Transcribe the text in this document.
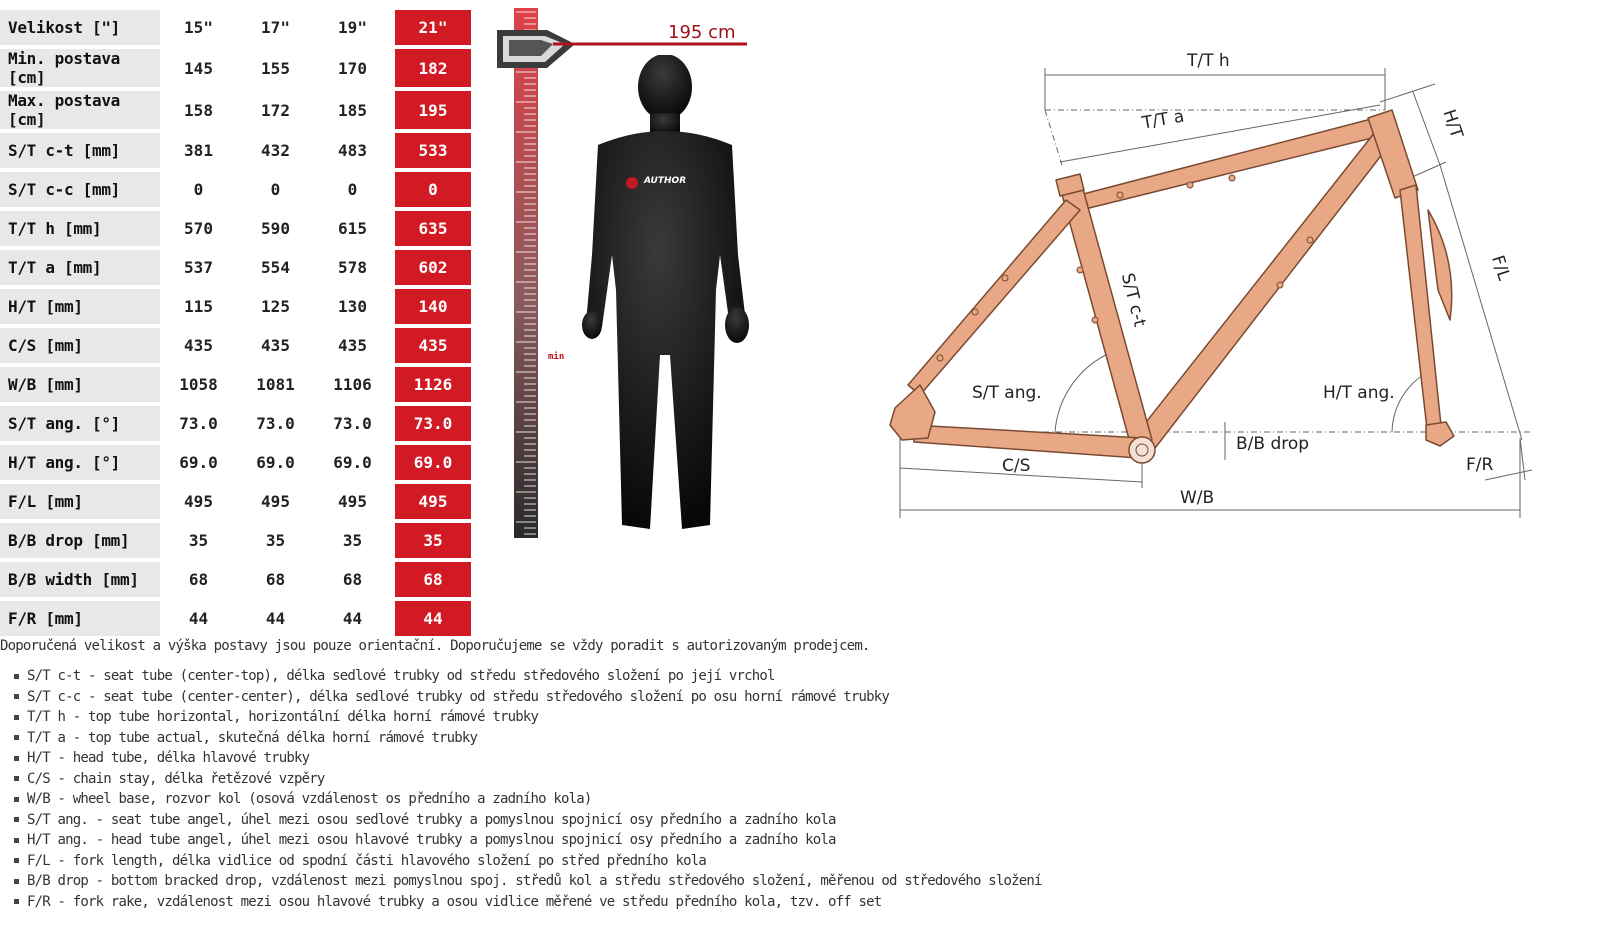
Velikost ["]	15"	17"	19"		21"
Min. postava [cm]	145	155	170		182
Max. postava [cm]	158	172	185		195
S/T c-t [mm]	381	432	483		533
S/T c-c [mm]	0	0	0		0
T/T h [mm]	570	590	615		635
T/T a [mm]	537	554	578		602
H/T [mm]	115	125	130		140
C/S [mm]	435	435	435		435
W/B [mm]	1058	1081	1106		1126
S/T ang. [°]	73.0	73.0	73.0		73.0
H/T ang. [°]	69.0	69.0	69.0		69.0
F/L [mm]	495	495	495		495
B/B drop [mm]	35	35	35		35
B/B width [mm]	68	68	68		68
F/R [mm]	44	44	44		44
195 cm
min
AUTHOR
T/T h
T/T a	H/T
S/T c-t
F/L
S/T ang.	H/T ang.
B/B drop
C/S	F/R
W/B
Doporučená velikost a výška postavy jsou pouze orientační. Doporučujeme se vždy poradit s autorizovaným prodejcem.
S/T c-t - seat tube (center-top), délka sedlové trubky od středu středového složení po její vrchol
S/T c-c - seat tube (center-center), délka sedlové trubky od středu středového složení po osu horní rámové trubky
T/T h - top tube horizontal, horizontální délka horní rámové trubky
T/T a - top tube actual, skutečná délka horní rámové trubky
H/T - head tube, délka hlavové trubky
C/S - chain stay, délka řetězové vzpěry
W/B - wheel base, rozvor kol (osová vzdálenost os předního a zadního kola)
S/T ang. - seat tube angel, úhel mezi osou sedlové trubky a pomyslnou spojnicí osy předního a zadního kola
H/T ang. - head tube angel, úhel mezi osou hlavové trubky a pomyslnou spojnicí osy předního a zadního kola
F/L - fork length, délka vidlice od spodní části hlavového složení po střed předního kola
B/B drop - bottom bracked drop, vzdálenost mezi pomyslnou spoj. středů kol a středu středového složení, měřenou od středového složení
F/R - fork rake, vzdálenost mezi osou hlavové trubky a osou vidlice měřené ve středu předního kola, tzv. off set
